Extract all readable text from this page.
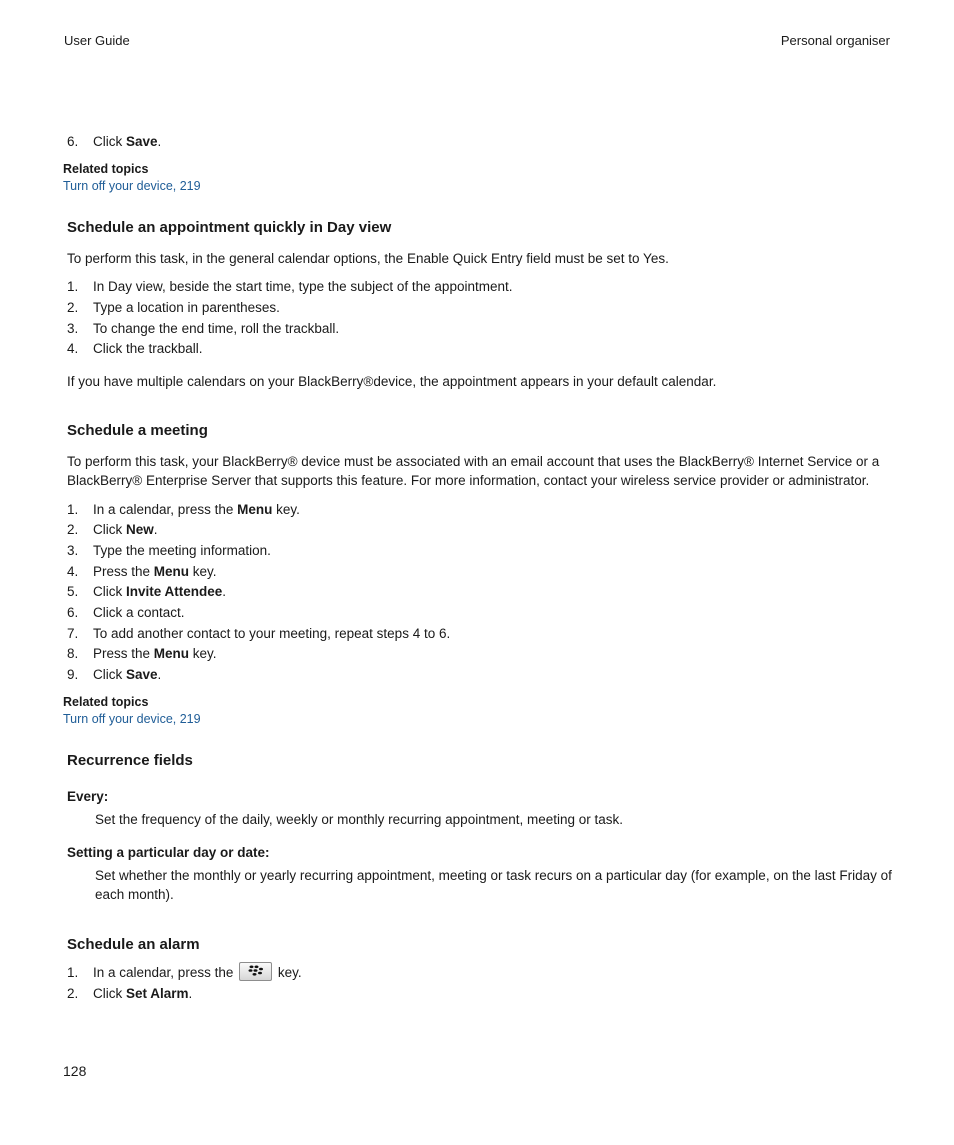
User Guide	Personal organiser
6. Click Save.
Related topics
Turn off your device, 219
Schedule an appointment quickly in Day view
To perform this task, in the general calendar options, the Enable Quick Entry field must be set to Yes.
1. In Day view, beside the start time, type the subject of the appointment.
2. Type a location in parentheses.
3. To change the end time, roll the trackball.
4. Click the trackball.
If you have multiple calendars on your BlackBerry®device, the appointment appears in your default calendar.
Schedule a meeting
To perform this task, your BlackBerry® device must be associated with an email account that uses the BlackBerry® Internet Service or a BlackBerry® Enterprise Server that supports this feature. For more information, contact your wireless service provider or administrator.
1. In a calendar, press the Menu key.
2. Click New.
3. Type the meeting information.
4. Press the Menu key.
5. Click Invite Attendee.
6. Click a contact.
7. To add another contact to your meeting, repeat steps 4 to 6.
8. Press the Menu key.
9. Click Save.
Related topics
Turn off your device, 219
Recurrence fields
Every:
Set the frequency of the daily, weekly or monthly recurring appointment, meeting or task.
Setting a particular day or date:
Set whether the monthly or yearly recurring appointment, meeting or task recurs on a particular day (for example, on the last Friday of each month).
Schedule an alarm
1. In a calendar, press the	key.
2. Click Set Alarm.
128
